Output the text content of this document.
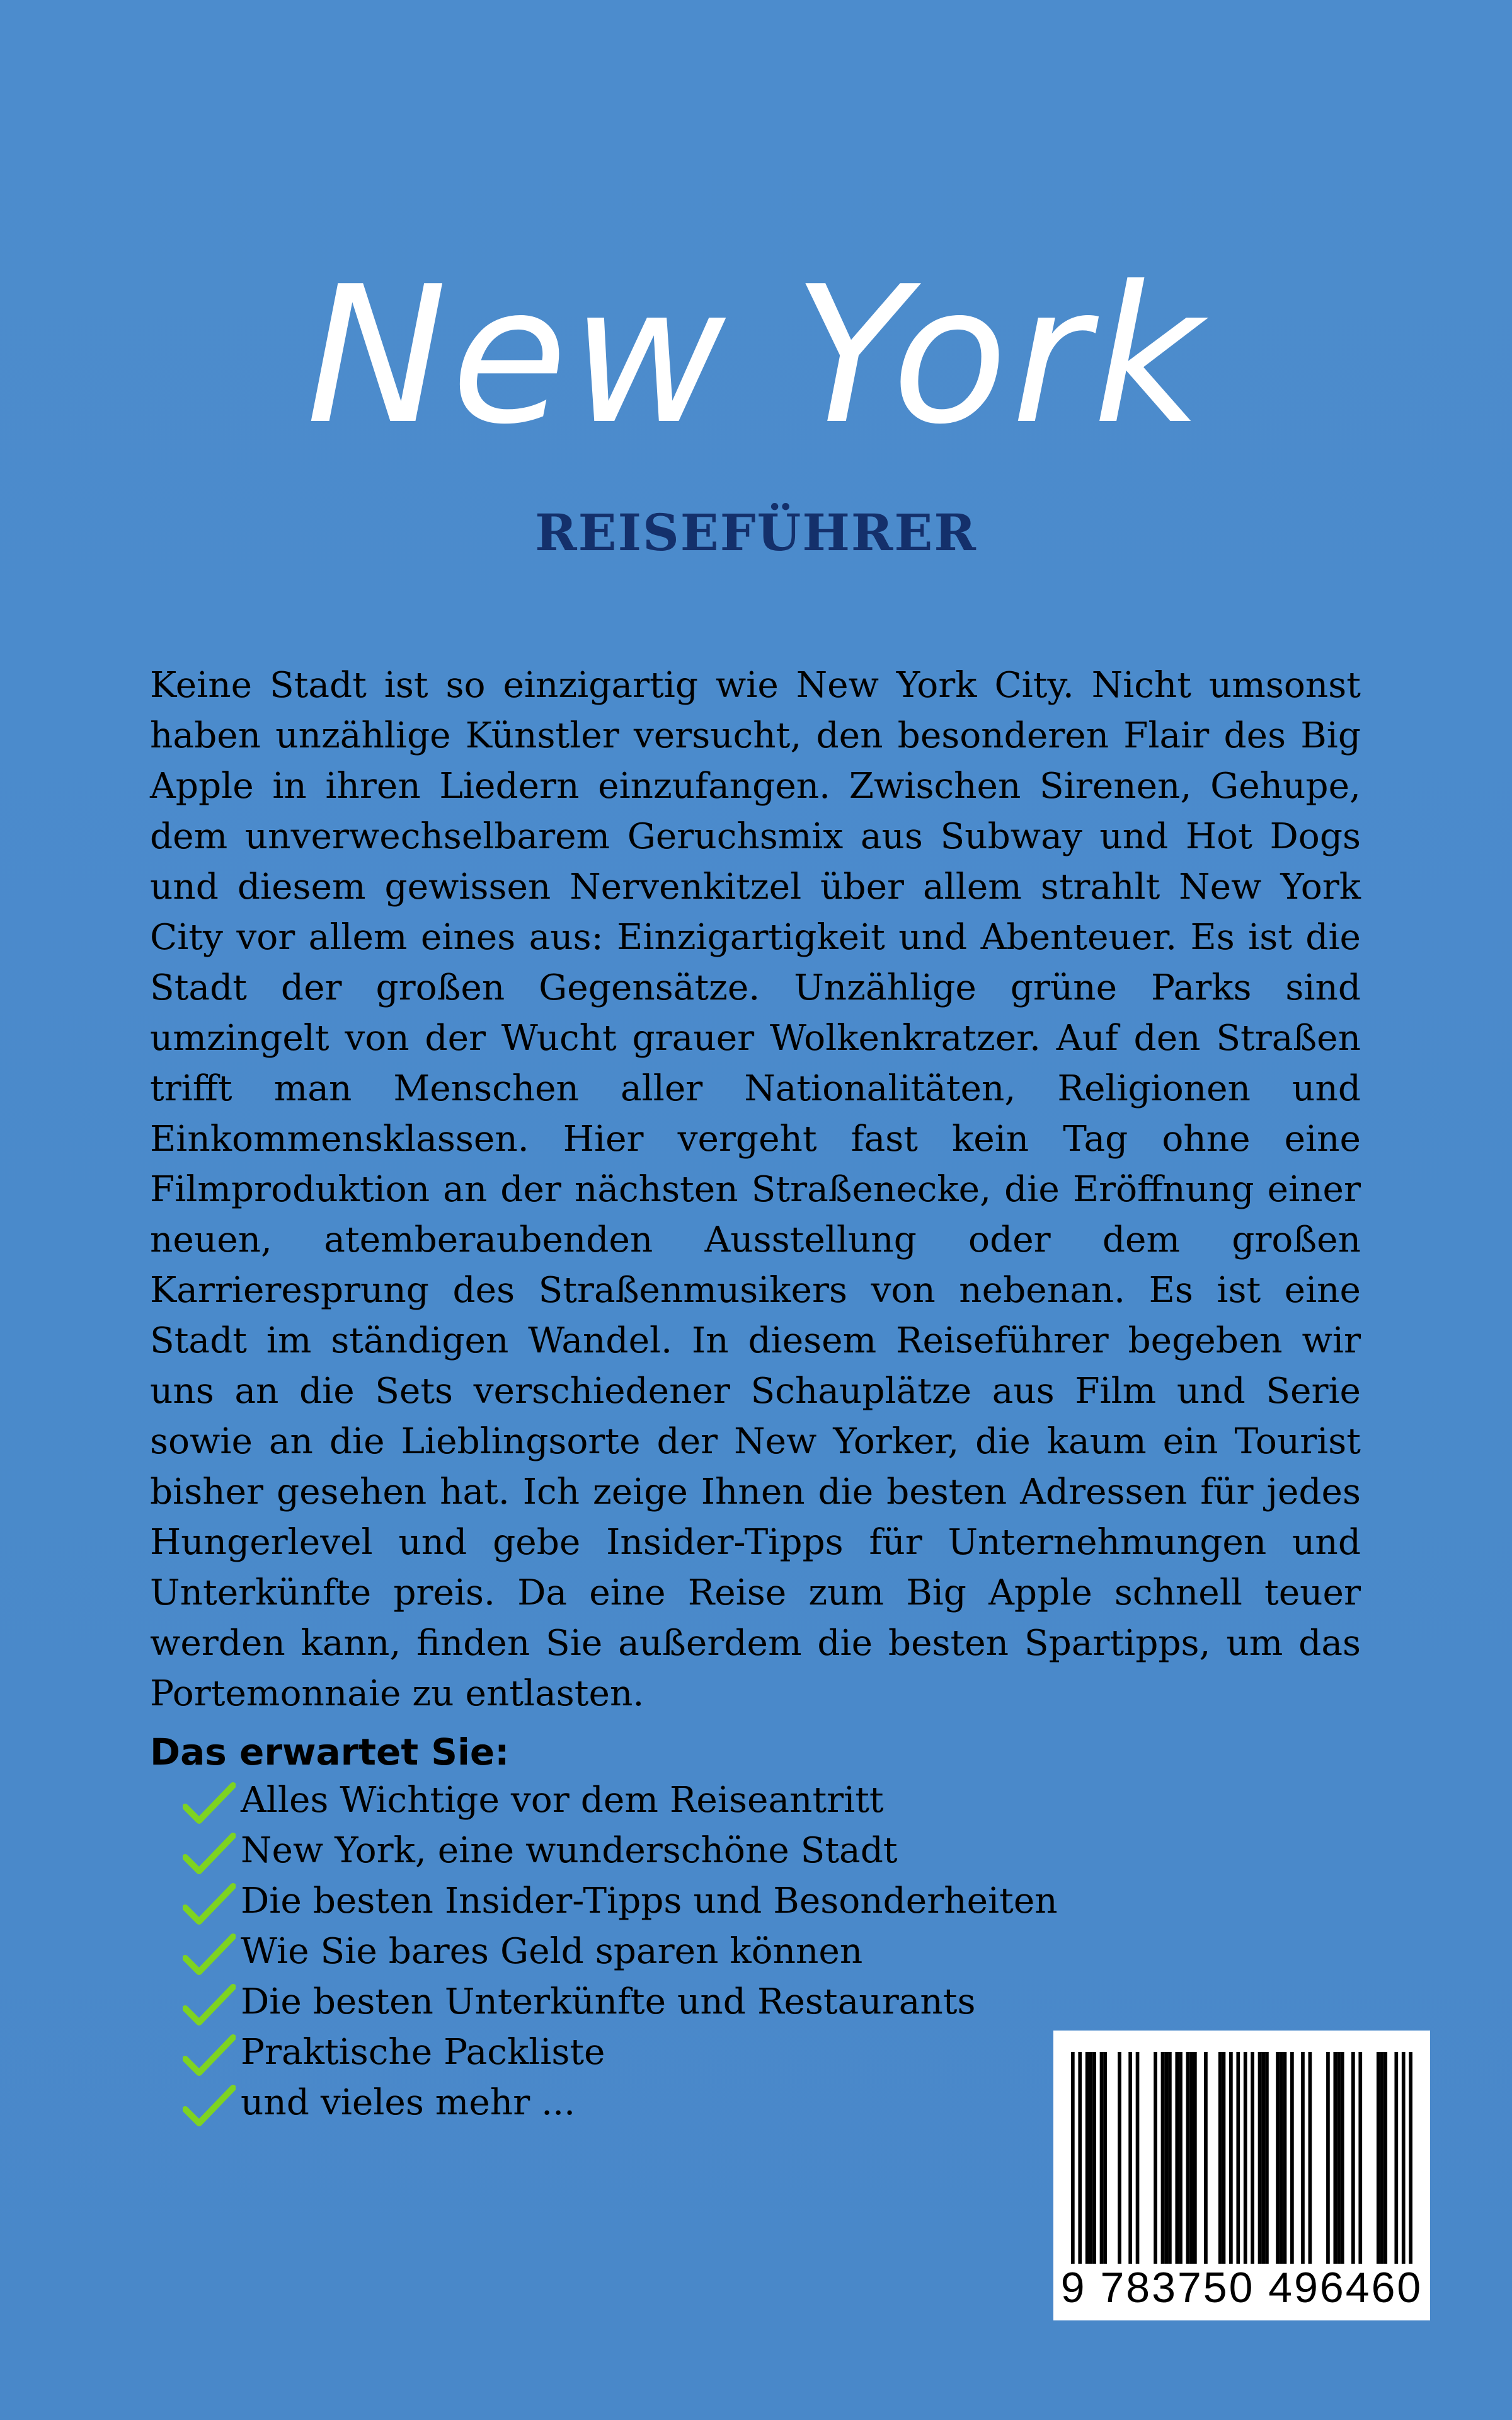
New York
REISEFÜHRER

Keine Stadt ist so einzigartig wie New York City. Nicht umsonst haben unzählige Künstler versucht, den besonderen Flair des Big Apple in ihren Liedern einzufangen. Zwischen Sirenen, Gehupe, dem unverwechselbarem Geruchsmix aus Subway und Hot Dogs und diesem gewissen Nervenkitzel über allem strahlt New York City vor allem eines aus: Einzigartigkeit und Abenteuer. Es ist die Stadt der großen Gegensätze. Unzählige grüne Parks sind umzingelt von der Wucht grauer Wolkenkratzer. Auf den Straßen trifft man Menschen aller Nationalitäten, Religionen und Einkommensklassen. Hier vergeht fast kein Tag ohne eine Filmproduktion an der nächsten Straßenecke, die Eröffnung einer neuen, atemberaubenden Ausstellung oder dem großen Karrieresprung des Straßenmusikers von nebenan. Es ist eine Stadt im ständigen Wandel. In diesem Reiseführer begeben wir uns an die Sets verschiedener Schauplätze aus Film und Serie sowie an die Lieblingsorte der New Yorker, die kaum ein Tourist bisher gesehen hat. Ich zeige Ihnen die besten Adressen für jedes Hungerlevel und gebe Insider-Tipps für Unternehmungen und Unterkünfte preis. Da eine Reise zum Big Apple schnell teuer werden kann, finden Sie außerdem die besten Spartipps, um das Portemonnaie zu entlasten.

Das erwartet Sie:
Alles Wichtige vor dem Reiseantritt
New York, eine wunderschöne Stadt
Die besten Insider-Tipps und Besonderheiten
Wie Sie bares Geld sparen können
Die besten Unterkünfte und Restaurants
Praktische Packliste
und vieles mehr ...
9 783750 496460
